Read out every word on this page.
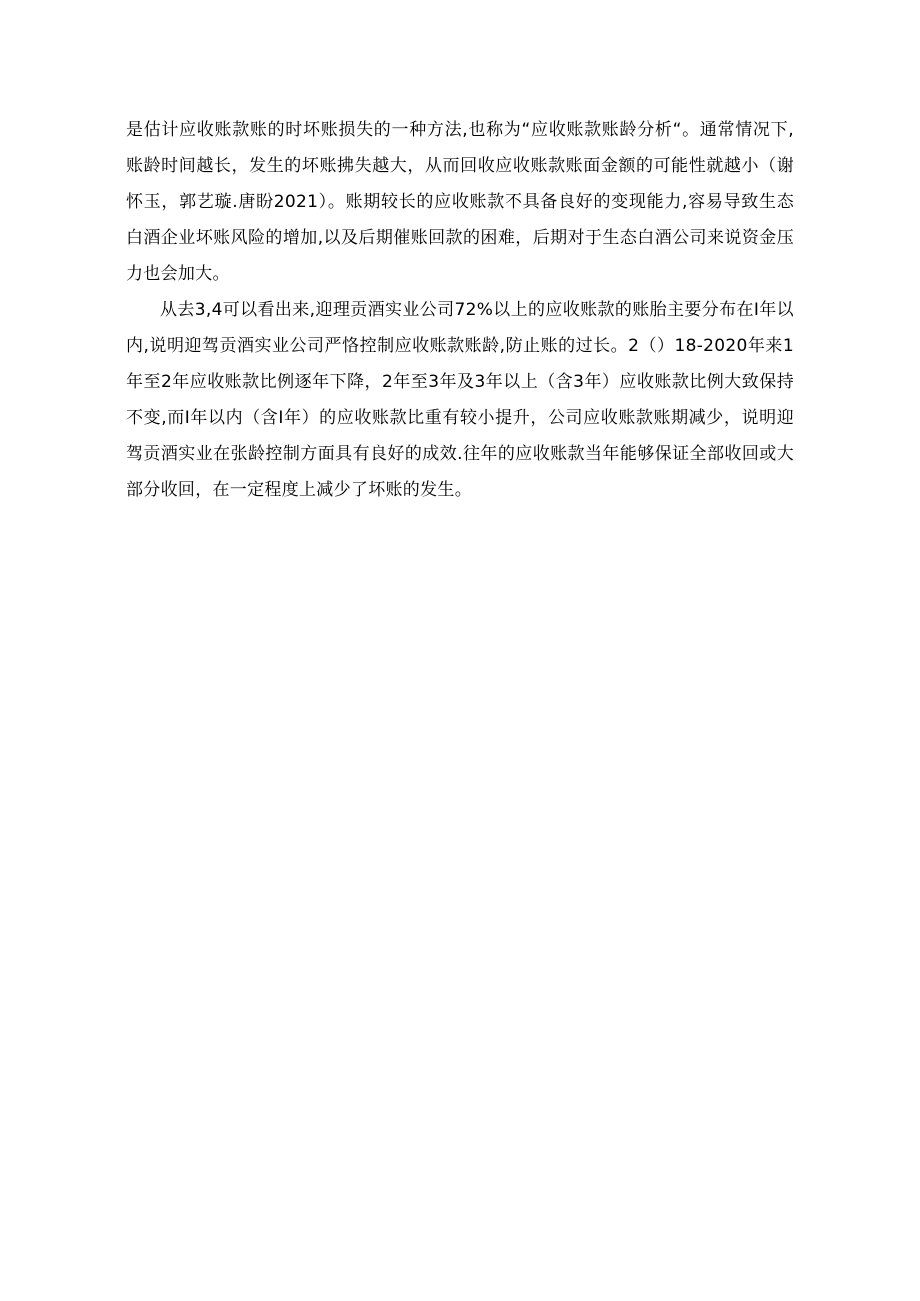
是估计应收账款账的时坏账损失的一种方法,也称为“应收账款账龄分析“。通常情况下,账龄时间越长，发生的坏账拂失越大，从而回收应收账款账面金额的可能性就越小（谢怀玉，郭艺璇.唐盼2021）。账期较长的应收账款不具备良好的变现能力,容易导致生态白酒企业坏账风险的增加,以及后期催账回款的困难，后期对于生态白酒公司来说资金压力也会加大。

从去3,4可以看出来,迎理贡酒实业公司72%以上的应收账款的账胎主要分布在I年以内,说明迎驾贡酒实业公司严恪控制应收账款账龄,防止账的过长。2（）18-2020年来1年至2年应收账款比例逐年下降，2年至3年及3年以上（含3年）应收账款比例大致保持不变,而I年以内（含I年）的应收账款比重有较小提升，公司应收账款账期减少，说明迎驾贡酒实业在张龄控制方面具有良好的成效.往年的应收账款当年能够保证全部收回或大部分收回，在一定程度上减少了坏账的发生。
